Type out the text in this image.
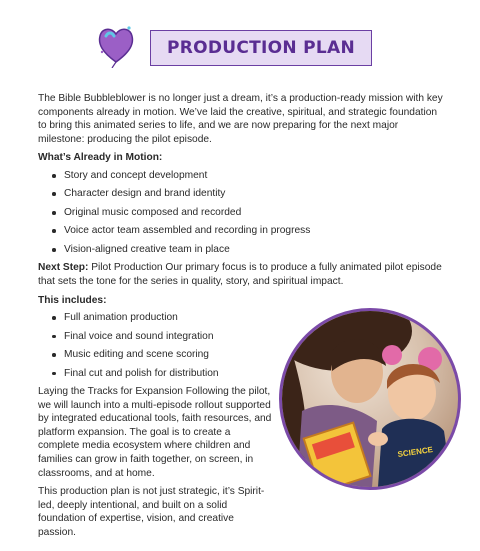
PRODUCTION PLAN

The Bible Bubbleblower is no longer just a dream, it’s a production-ready mission with key components already in motion. We’ve laid the creative, spiritual, and strategic foundation to bring this animated series to life, and we are now preparing for the next major milestone: producing the pilot episode.

What’s Already in Motion:
Story and concept development
Character design and brand identity
Original music composed and recorded
Voice actor team assembled and recording in progress
Vision-aligned creative team in place

Next Step: Pilot Production Our primary focus is to produce a fully animated pilot episode that sets the tone for the series in quality, story, and spiritual impact.

This includes:
Full animation production
Final voice and sound integration
Music editing and scene scoring
Final cut and polish for distribution

Laying the Tracks for Expansion Following the pilot, we will launch into a multi-episode rollout supported by integrated educational tools, faith resources, and platform expansion. The goal is to create a complete media ecosystem where children and families can grow in faith together, on screen, in classrooms, and at home.

This production plan is not just strategic, it’s Spirit-led, deeply intentional, and built on a solid foundation of expertise, vision, and creative passion.

SCIENCE
